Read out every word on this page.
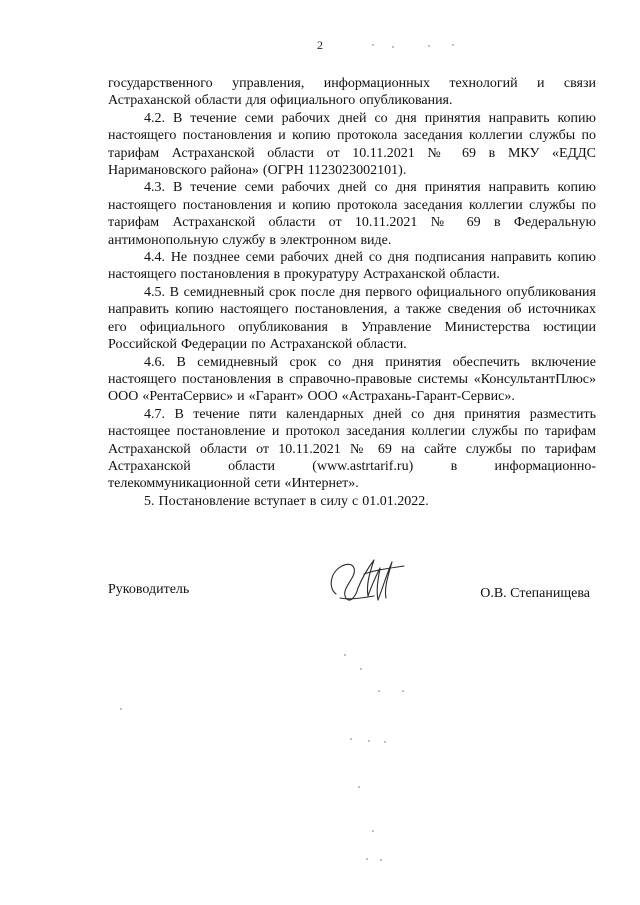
2

государственного управления, информационных технологий и связи Астраханской области для официального опубликования.

4.2. В течение семи рабочих дней со дня принятия направить копию настоящего постановления и копию протокола заседания коллегии службы по тарифам Астраханской области от 10.11.2021 № 69 в МКУ «ЕДДС Наримановского района» (ОГРН 1123023002101).

4.3. В течение семи рабочих дней со дня принятия направить копию настоящего постановления и копию протокола заседания коллегии службы по тарифам Астраханской области от 10.11.2021 № 69 в Федеральную антимонопольную службу в электронном виде.

4.4. Не позднее семи рабочих дней со дня подписания направить копию настоящего постановления в прокуратуру Астраханской области.

4.5. В семидневный срок после дня первого официального опубликования направить копию настоящего постановления, а также сведения об источниках его официального опубликования в Управление Министерства юстиции Российской Федерации по Астраханской области.

4.6. В семидневный срок со дня принятия обеспечить включение настоящего постановления в справочно-правовые системы «КонсультантПлюс» ООО «РентаСервис» и «Гарант» ООО «Астрахань-Гарант-Сервис».

4.7. В течение пяти календарных дней со дня принятия разместить настоящее постановление и протокол заседания коллегии службы по тарифам Астраханской области от 10.11.2021 № 69 на сайте службы по тарифам Астраханской области (www.astrtarif.ru) в информационно-телекоммуникационной сети «Интернет».

5. Постановление вступает в силу с 01.01.2022.

Руководитель	О.В. Степанищева
